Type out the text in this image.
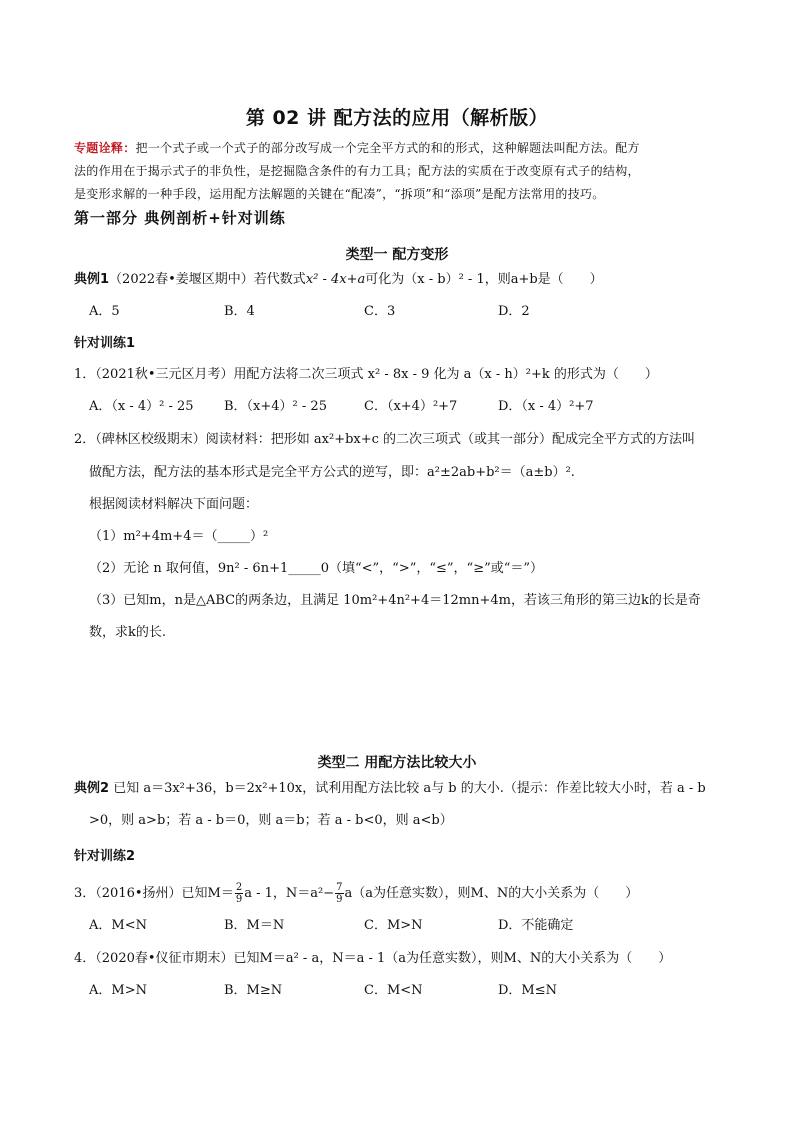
第 02 讲 配方法的应用（解析版）
专题诠释：把一个式子或一个式子的部分改写成一个完全平方式的和的形式，这种解题法叫配方法。配方
法的作用在于揭示式子的非负性，是挖掘隐含条件的有力工具；配方法的实质在于改变原有式子的结构，
是变形求解的一种手段，运用配方法解题的关键在“配凑”，“拆项”和“添项”是配方法常用的技巧。
第一部分 典例剖析+针对训练
类型一 配方变形
典例1（2022春•姜堰区期中）若代数式x² - 4x+a可化为（x - b）² - 1，则a+b是（　　）
A．5	B．4	C．3	D．2
针对训练1
1．（2021秋•三元区月考）用配方法将二次三项式 x² - 8x - 9 化为 a（x - h）²+k 的形式为（　　）
A．（x - 4）² - 25 B．（x+4）² - 25	C．（x+4）²+7	D．（x - 4）²+7
2．（碑林区校级期末）阅读材料：把形如 ax²+bx+c 的二次三项式（或其一部分）配成完全平方式的方法叫
做配方法，配方法的基本形式是完全平方公式的逆写，即：a²±2ab+b²＝（a±b）².
根据阅读材料解决下面问题：
（1）m²+4m+4＝（_____）²
（2）无论 n 取何值，9n² - 6n+1_____0（填“<”，“>”，“≤”，“≥”或“＝”）
（3）已知m，n是△ABC的两条边，且满足 10m²+4n²+4＝12mn+4m，若该三角形的第三边k的长是奇
数，求k的长.
类型二 用配方法比较大小
典例2 已知 a＝3x²+36，b＝2x²+10x，试利用配方法比较 a与 b 的大小.（提示：作差比较大小时，若 a - b
>0，则 a>b；若 a - b＝0，则 a＝b；若 a - b<0，则 a<b）
针对训练2
3．（2016•扬州）已知$M= \frac{2}{9}$ a - 1，$N=a^2- \frac{7}{9} a(a$为任意实数），则M、N的大小关系为（　　）
A．M<N	B．M＝N	C．M>N	D．不能确定
4．（2020春•仪征市期末）已知M＝a² - a，N＝a - 1（a为任意实数），则M、N的大小关系为（　　）
A．M>N	B．M≥N	C．M<N	D．M≤N
